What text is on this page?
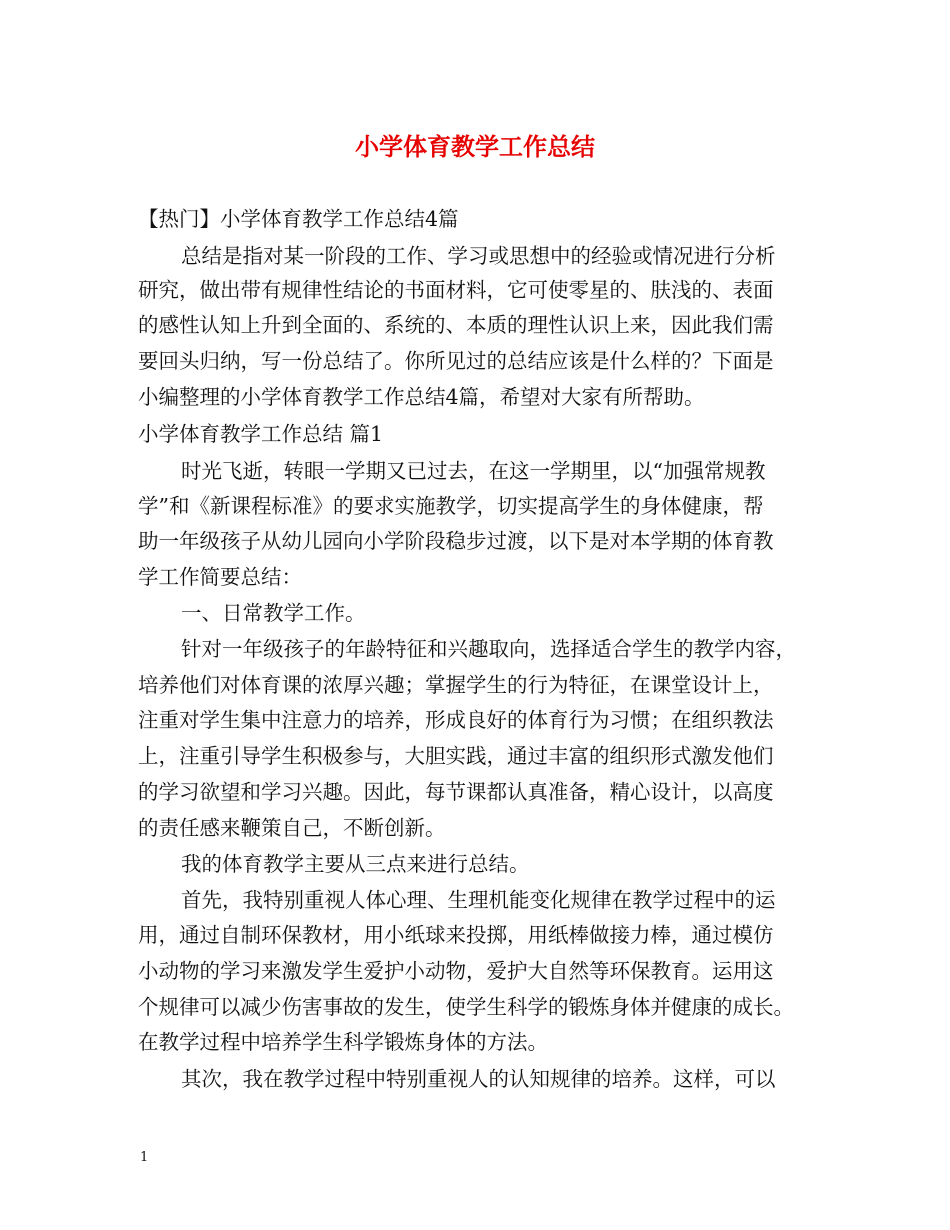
小学体育教学工作总结
【热门】小学体育教学工作总结4篇
总结是指对某一阶段的工作、学习或思想中的经验或情况进行分析
研究，做出带有规律性结论的书面材料，它可使零星的、肤浅的、表面
的感性认知上升到全面的、系统的、本质的理性认识上来，因此我们需
要回头归纳，写一份总结了。你所见过的总结应该是什么样的？下面是
小编整理的小学体育教学工作总结4篇，希望对大家有所帮助。
小学体育教学工作总结 篇1
时光飞逝，转眼一学期又已过去，在这一学期里，以“加强常规教
学”和《新课程标准》的要求实施教学，切实提高学生的身体健康，帮
助一年级孩子从幼儿园向小学阶段稳步过渡，以下是对本学期的体育教
学工作简要总结：
一、日常教学工作。
针对一年级孩子的年龄特征和兴趣取向，选择适合学生的教学内容，
培养他们对体育课的浓厚兴趣；掌握学生的行为特征，在课堂设计上，
注重对学生集中注意力的培养，形成良好的体育行为习惯；在组织教法
上，注重引导学生积极参与，大胆实践，通过丰富的组织形式激发他们
的学习欲望和学习兴趣。因此，每节课都认真准备，精心设计，以高度
的责任感来鞭策自己，不断创新。
我的体育教学主要从三点来进行总结。
首先，我特别重视人体心理、生理机能变化规律在教学过程中的运
用，通过自制环保教材，用小纸球来投掷，用纸棒做接力棒，通过模仿
小动物的学习来激发学生爱护小动物，爱护大自然等环保教育。运用这
个规律可以减少伤害事故的发生，使学生科学的锻炼身体并健康的成长。
在教学过程中培养学生科学锻炼身体的方法。
其次，我在教学过程中特别重视人的认知规律的培养。这样，可以
1
